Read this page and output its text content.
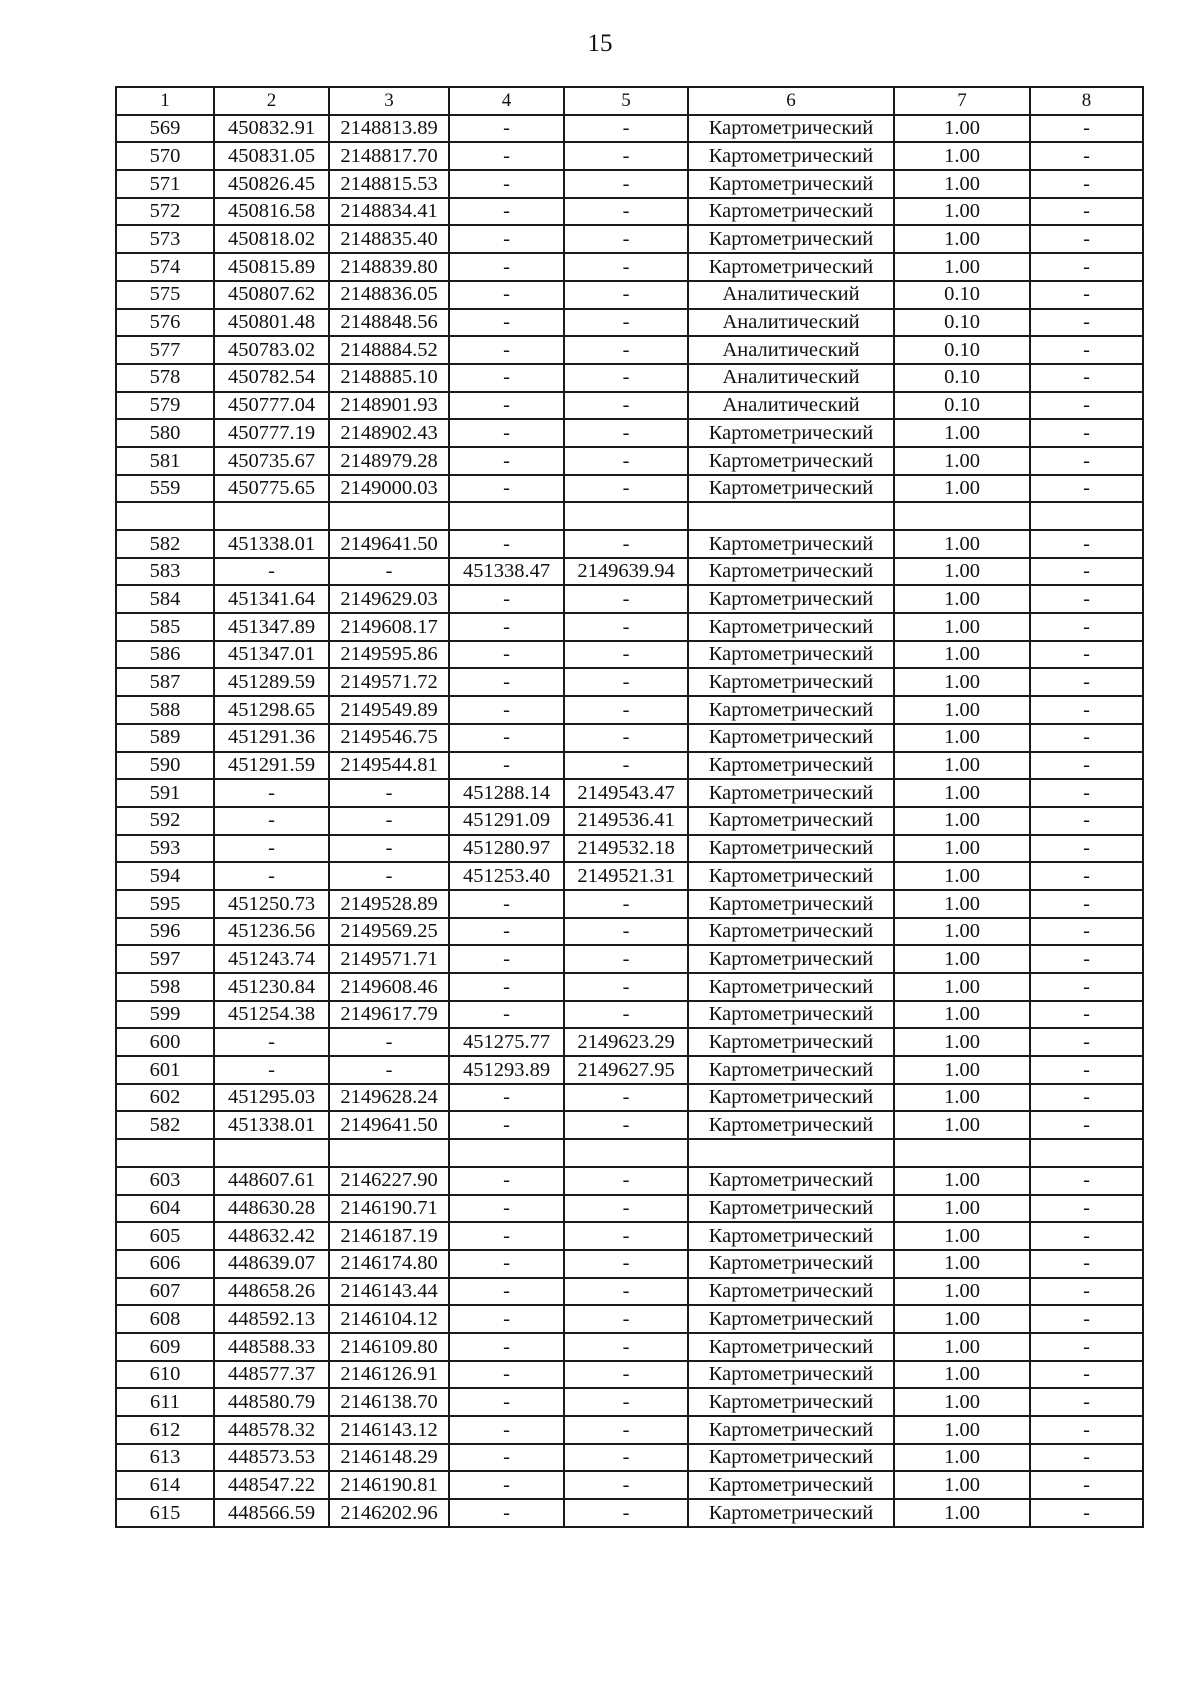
15
1	2	3	4	5	6	7	8
569	450832.91	2148813.89	-	-	Картометрический	1.00	-
570	450831.05	2148817.70	-	-	Картометрический	1.00	-
571	450826.45	2148815.53	-	-	Картометрический	1.00	-
572	450816.58	2148834.41	-	-	Картометрический	1.00	-
573	450818.02	2148835.40	-	-	Картометрический	1.00	-
574	450815.89	2148839.80	-	-	Картометрический	1.00	-
575	450807.62	2148836.05	-	-	Аналитический	0.10	-
576	450801.48	2148848.56	-	-	Аналитический	0.10	-
577	450783.02	2148884.52	-	-	Аналитический	0.10	-
578	450782.54	2148885.10	-	-	Аналитический	0.10	-
579	450777.04	2148901.93	-	-	Аналитический	0.10	-
580	450777.19	2148902.43	-	-	Картометрический	1.00	-
581	450735.67	2148979.28	-	-	Картометрический	1.00	-
559	450775.65	2149000.03	-	-	Картометрический	1.00	-

582	451338.01	2149641.50	-	-	Картометрический	1.00	-
583	-	-	451338.47	2149639.94	Картометрический	1.00	-
584	451341.64	2149629.03	-	-	Картометрический	1.00	-
585	451347.89	2149608.17	-	-	Картометрический	1.00	-
586	451347.01	2149595.86	-	-	Картометрический	1.00	-
587	451289.59	2149571.72	-	-	Картометрический	1.00	-
588	451298.65	2149549.89	-	-	Картометрический	1.00	-
589	451291.36	2149546.75	-	-	Картометрический	1.00	-
590	451291.59	2149544.81	-	-	Картометрический	1.00	-
591	-	-	451288.14	2149543.47	Картометрический	1.00	-
592	-	-	451291.09	2149536.41	Картометрический	1.00	-
593	-	-	451280.97	2149532.18	Картометрический	1.00	-
594	-	-	451253.40	2149521.31	Картометрический	1.00	-
595	451250.73	2149528.89	-	-	Картометрический	1.00	-
596	451236.56	2149569.25	-	-	Картометрический	1.00	-
597	451243.74	2149571.71	-	-	Картометрический	1.00	-
598	451230.84	2149608.46	-	-	Картометрический	1.00	-
599	451254.38	2149617.79	-	-	Картометрический	1.00	-
600	-	-	451275.77	2149623.29	Картометрический	1.00	-
601	-	-	451293.89	2149627.95	Картометрический	1.00	-
602	451295.03	2149628.24	-	-	Картометрический	1.00	-
582	451338.01	2149641.50	-	-	Картометрический	1.00	-

603	448607.61	2146227.90	-	-	Картометрический	1.00	-
604	448630.28	2146190.71	-	-	Картометрический	1.00	-
605	448632.42	2146187.19	-	-	Картометрический	1.00	-
606	448639.07	2146174.80	-	-	Картометрический	1.00	-
607	448658.26	2146143.44	-	-	Картометрический	1.00	-
608	448592.13	2146104.12	-	-	Картометрический	1.00	-
609	448588.33	2146109.80	-	-	Картометрический	1.00	-
610	448577.37	2146126.91	-	-	Картометрический	1.00	-
611	448580.79	2146138.70	-	-	Картометрический	1.00	-
612	448578.32	2146143.12	-	-	Картометрический	1.00	-
613	448573.53	2146148.29	-	-	Картометрический	1.00	-
614	448547.22	2146190.81	-	-	Картометрический	1.00	-
615	448566.59	2146202.96	-	-	Картометрический	1.00	-
